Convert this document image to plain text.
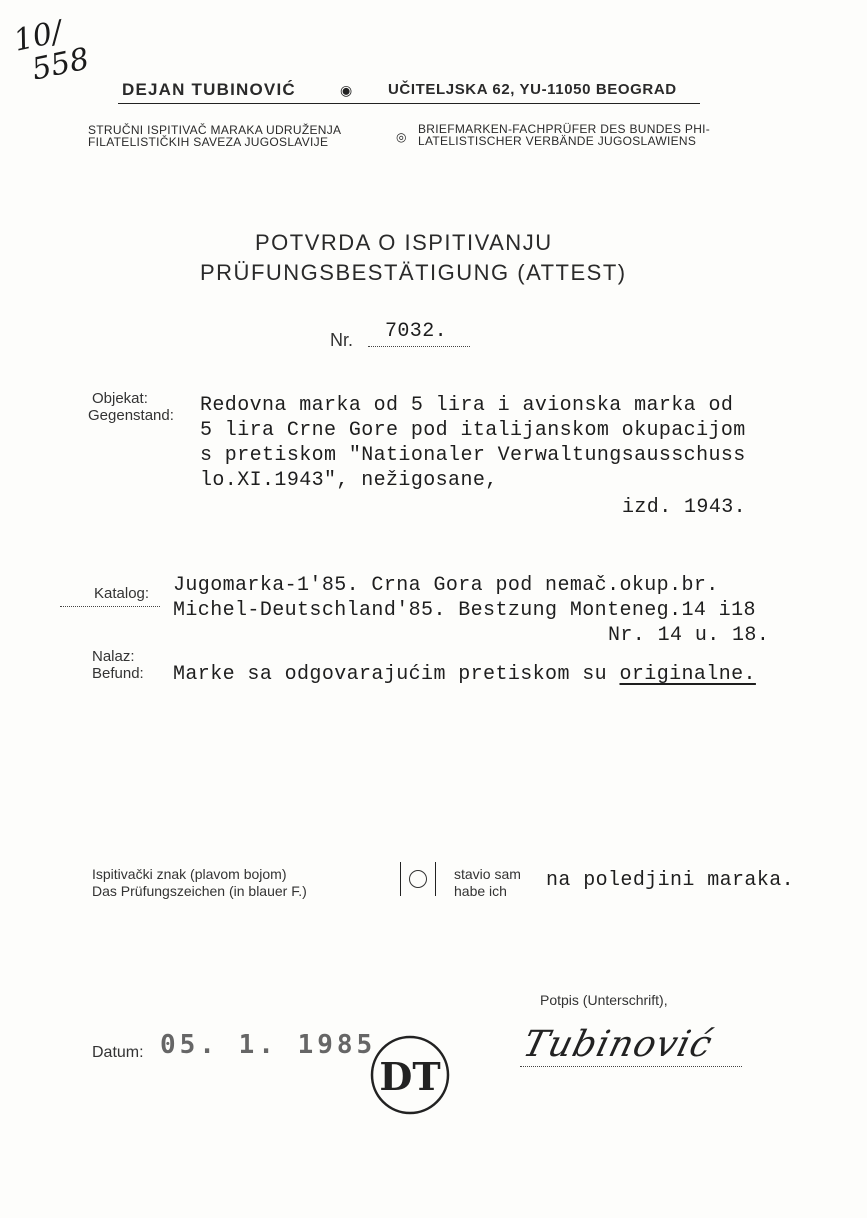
10/
558
DEJAN TUBINOVIĆ	◉ UČITELJSKA 62, YU-11050 BEOGRAD
STRUČNI ISPITIVAČ MARAKA UDRUŽENJA
FILATELISTIČKIH SAVEZA JUGOSLAVIJE	◎
BRIEFMARKEN-FACHPRÜFER DES BUNDES PHI-
LATELISTISCHER VERBÄNDE JUGOSLAWIENS
POTVRDA O ISPITIVANJU
PRÜFUNGSBESTÄTIGUNG (ATTEST)
Nr. 7032.
Objekat:
Gegenstand: Redovna marka od 5 lira i avionska marka od
5 lira Crne Gore pod italijanskom okupacijom
s pretiskom "Nationaler Verwaltungsausschuss
lo.XI.1943", nežigosane,
izd. 1943.
Katalog: Jugomarka-1'85. Crna Gora pod nemač.okup.br.
Michel-Deutschland'85. Bestzung Monteneg.14 i18
Nr. 14 u. 18.
Nalaz:
Befund: Marke sa odgovarajućim pretiskom su originalne.
Ispitivački znak (plavom bojom)
Das Prüfungszeichen (in blauer F.)
stavio sam
habe ich na poledjini maraka.
Potpis (Unterschrift),
Tubinović
Datum: 05. 1. 1985
DT
